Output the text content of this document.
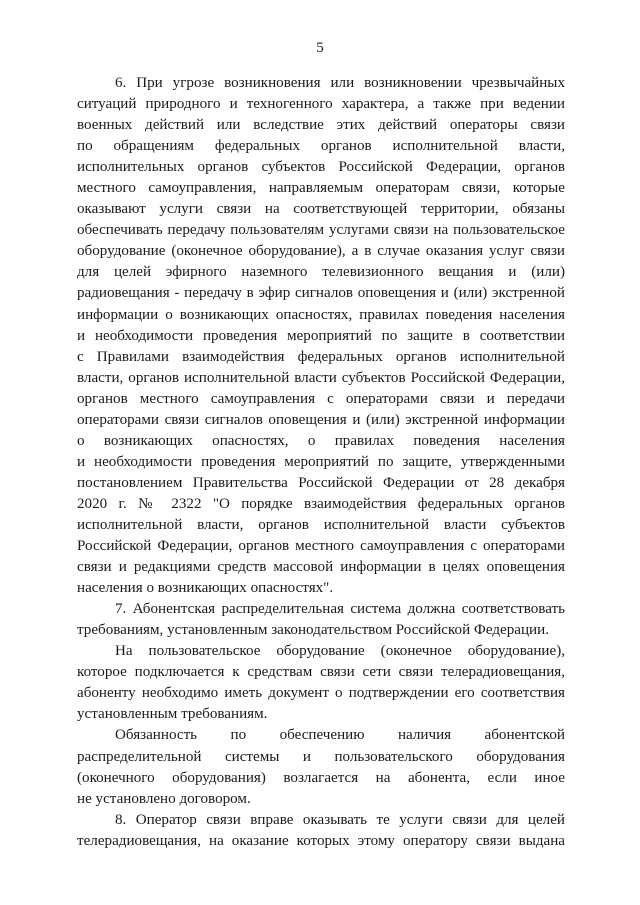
5
6. При угрозе возникновения или возникновении чрезвычайных
ситуаций природного и техногенного характера, а также при ведении
военных действий или вследствие этих действий операторы связи
по обращениям федеральных органов исполнительной власти,
исполнительных органов субъектов Российской Федерации, органов
местного самоуправления, направляемым операторам связи, которые
оказывают услуги связи на соответствующей территории, обязаны
обеспечивать передачу пользователям услугами связи на пользовательское
оборудование (оконечное оборудование), а в случае оказания услуг связи
для целей эфирного наземного телевизионного вещания и (или)
радиовещания - передачу в эфир сигналов оповещения и (или) экстренной
информации о возникающих опасностях, правилах поведения населения
и необходимости проведения мероприятий по защите в соответствии
с Правилами взаимодействия федеральных органов исполнительной
власти, органов исполнительной власти субъектов Российской Федерации,
органов местного самоуправления с операторами связи и передачи
операторами связи сигналов оповещения и (или) экстренной информации
о возникающих опасностях, о правилах поведения населения
и необходимости проведения мероприятий по защите, утвержденными
постановлением Правительства Российской Федерации от 28 декабря
2020 г. № 2322 "О порядке взаимодействия федеральных органов
исполнительной власти, органов исполнительной власти субъектов
Российской Федерации, органов местного самоуправления с операторами
связи и редакциями средств массовой информации в целях оповещения
населения о возникающих опасностях".
7. Абонентская распределительная система должна соответствовать
требованиям, установленным законодательством Российской Федерации.
На пользовательское оборудование (оконечное оборудование),
которое подключается к средствам связи сети связи телерадиовещания,
абоненту необходимо иметь документ о подтверждении его соответствия
установленным требованиям.
Обязанность по обеспечению наличия абонентской
распределительной системы и пользовательского оборудования
(оконечного оборудования) возлагается на абонента, если иное
не установлено договором.
8. Оператор связи вправе оказывать те услуги связи для целей
телерадиовещания, на оказание которых этому оператору связи выдана
